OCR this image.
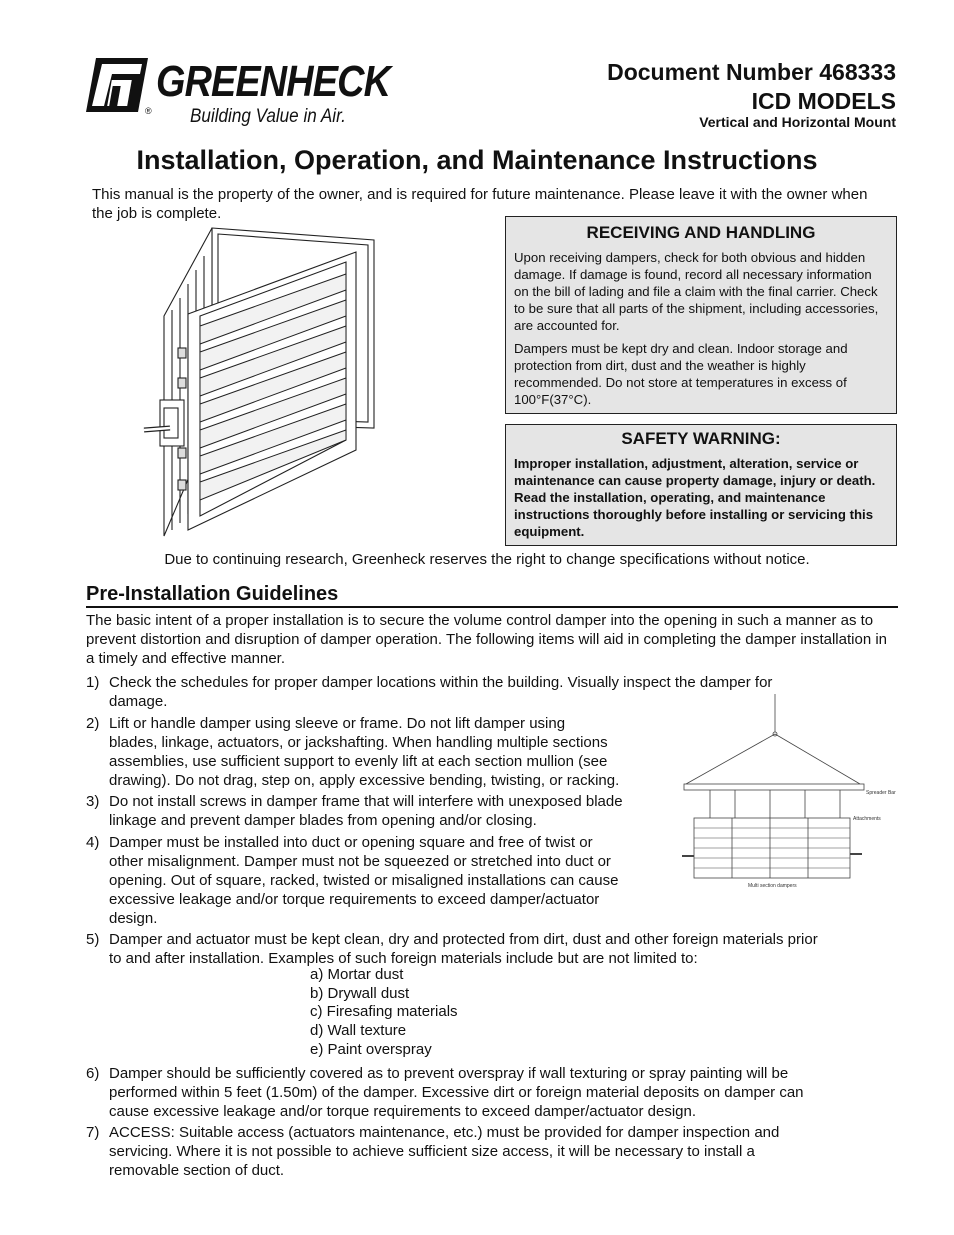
GREENHECK
® Building Value in Air.
Document Number 468333
ICD MODELS
Vertical and Horizontal Mount
Installation, Operation, and Maintenance Instructions
This manual is the property of the owner, and is required for future maintenance. Please leave it with the owner when the job is complete.
RECEIVING AND HANDLING

Upon receiving dampers, check for both obvious and hidden damage. If damage is found, record all necessary information on the bill of lading and file a claim with the final carrier. Check to be sure that all parts of the shipment, including accessories, are accounted for.

Dampers must be kept dry and clean. Indoor storage and protection from dirt, dust and the weather is highly recommended. Do not store at temperatures in excess of 100°F(37°C).

SAFETY WARNING:

Improper installation, adjustment, alteration, service or maintenance can cause property damage, injury or death. Read the installation, operating, and maintenance instructions thoroughly before installing or servicing this equipment.

Due to continuing research, Greenheck reserves the right to change specifications without notice.
Pre-Installation Guidelines
The basic intent of a proper installation is to secure the volume control damper into the opening in such a manner as to prevent distortion and disruption of damper operation. The following items will aid in completing the damper installation in a timely and effective manner.
1) Check the schedules for proper damper locations within the building. Visually inspect the damper for
damage.
2) Lift or handle damper using sleeve or frame. Do not lift damper using
blades, linkage, actuators, or jackshafting. When handling multiple sections
assemblies, use sufficient support to evenly lift at each section mullion (see
drawing). Do not drag, step on, apply excessive bending, twisting, or racking.
3) Do not install screws in damper frame that will interfere with unexposed blade
linkage and prevent damper blades from opening and/or closing.
4) Damper must be installed into duct or opening square and free of twist or
other misalignment. Damper must not be squeezed or stretched into duct or
opening. Out of square, racked, twisted or misaligned installations can cause
excessive leakage and/or torque requirements to exceed damper/actuator
design.
5) Damper and actuator must be kept clean, dry and protected from dirt, dust and other foreign materials prior
to and after installation. Examples of such foreign materials include but are not limited to:
6) Damper should be sufficiently covered as to prevent overspray if wall texturing or spray painting will be
performed within 5 feet (1.50m) of the damper. Excessive dirt or foreign material deposits on damper can
cause excessive leakage and/or torque requirements to exceed damper/actuator design.
7) ACCESS: Suitable access (actuators maintenance, etc.) must be provided for damper inspection and
servicing. Where it is not possible to achieve sufficient size access, it will be necessary to install a
removable section of duct.
a) Mortar dust
b) Drywall dust
c) Firesafing materials
d) Wall texture
e) Paint overspray
Spreader Bar
Attachments
Multi section dampers
